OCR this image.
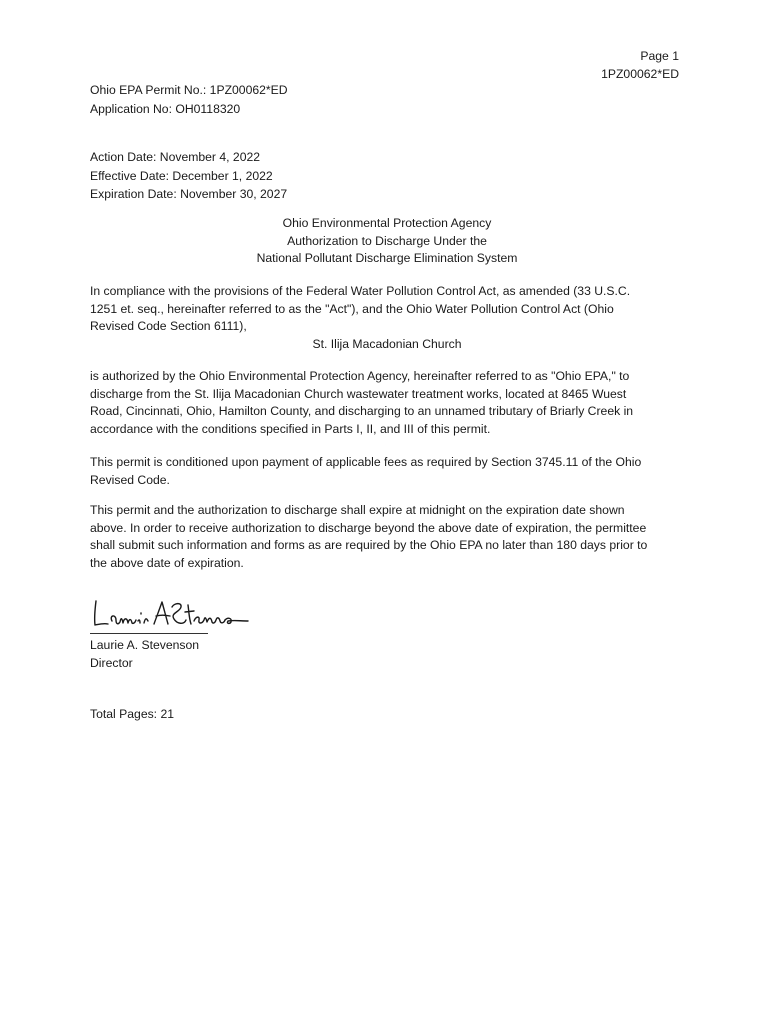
Page 1
1PZ00062*ED
Ohio EPA Permit No.: 1PZ00062*ED
Application No: OH0118320
Action Date: November 4, 2022
Effective Date: December 1, 2022
Expiration Date: November 30, 2027
Ohio Environmental Protection Agency
Authorization to Discharge Under the
National Pollutant Discharge Elimination System
In compliance with the provisions of the Federal Water Pollution Control Act, as amended (33 U.S.C.
1251 et. seq., hereinafter referred to as the "Act"), and the Ohio Water Pollution Control Act (Ohio
Revised Code Section 6111),
St. Ilija Macadonian Church
is authorized by the Ohio Environmental Protection Agency, hereinafter referred to as "Ohio EPA," to
discharge from the St. Ilija Macadonian Church wastewater treatment works, located at 8465 Wuest
Road, Cincinnati, Ohio, Hamilton County, and discharging to an unnamed tributary of Briarly Creek in
accordance with the conditions specified in Parts I, II, and III of this permit.
This permit is conditioned upon payment of applicable fees as required by Section 3745.11 of the Ohio
Revised Code.
This permit and the authorization to discharge shall expire at midnight on the expiration date shown
above. In order to receive authorization to discharge beyond the above date of expiration, the permittee
shall submit such information and forms as are required by the Ohio EPA no later than 180 days prior to
the above date of expiration.
Laurie A. Stevenson
Director
Total Pages: 21
